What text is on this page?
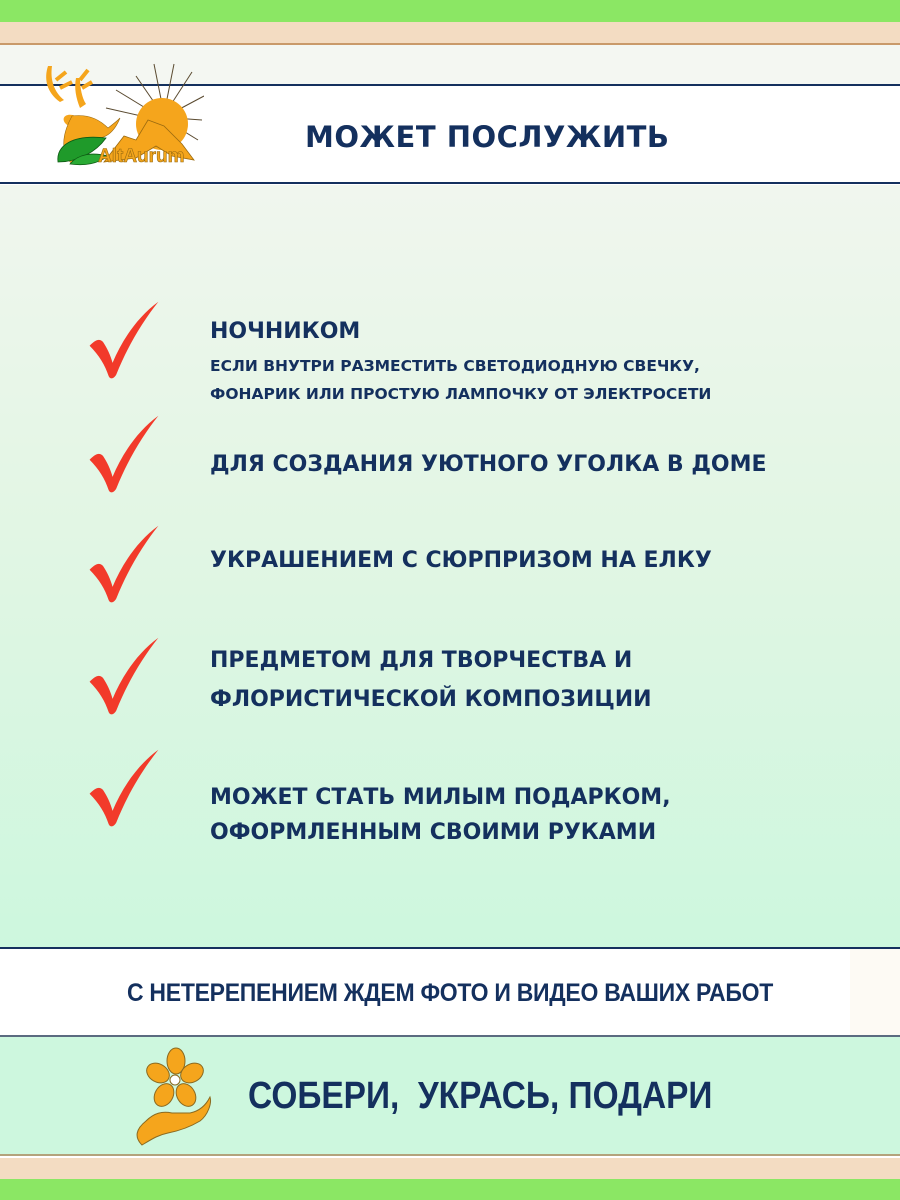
AltAurum
МОЖЕТ ПОСЛУЖИТЬ
НОЧНИКОМ
ЕСЛИ ВНУТРИ РАЗМЕСТИТЬ СВЕТОДИОДНУЮ СВЕЧКУ,
ФОНАРИК ИЛИ ПРОСТУЮ ЛАМПОЧКУ ОТ ЭЛЕКТРОСЕТИ
ДЛЯ СОЗДАНИЯ УЮТНОГО УГОЛКА В ДОМЕ
УКРАШЕНИЕМ С СЮРПРИЗОМ НА ЕЛКУ
ПРЕДМЕТОМ ДЛЯ ТВОРЧЕСТВА И
ФЛОРИСТИЧЕСКОЙ КОМПОЗИЦИИ
МОЖЕТ СТАТЬ МИЛЫМ ПОДАРКОМ,
ОФОРМЛЕННЫМ СВОИМИ РУКАМИ
С НЕТЕРЕПЕНИЕМ ЖДЕМ ФОТО И ВИДЕО ВАШИХ РАБОТ
СОБЕРИ,  УКРАСЬ, ПОДАРИ
